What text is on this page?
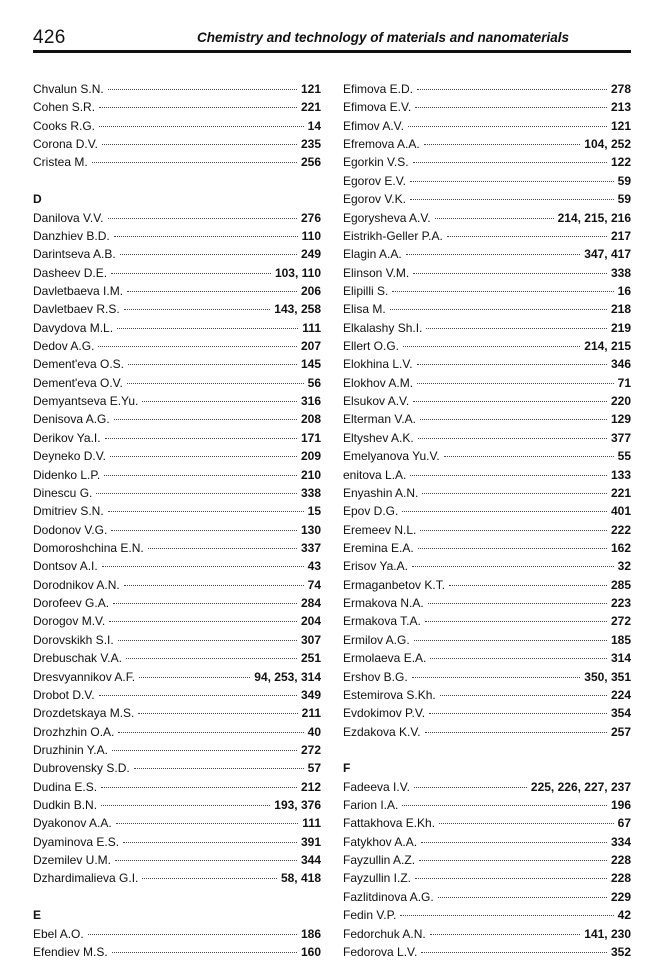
426	Chemistry and technology of materials and nanomaterials
Chvalun S.N.	121
Cohen S.R.	221
Cooks R.G.	14
Corona D.V.	235
Cristea M.	256
D
Danilova V.V.	276
Danzhiev B.D.	110
Darintseva A.B.	249
Dasheev D.E.	103, 110
Davletbaeva I.M.	206
Davletbaev R.S.	143, 258
Davydova M.L.	111
Dedov A.G.	207
Dement'eva O.S.	145
Dement'eva O.V.	56
Demyantseva E.Yu.	316
Denisova A.G.	208
Derikov Ya.I.	171
Deyneko D.V.	209
Didenko L.P.	210
Dinescu G.	338
Dmitriev S.N.	15
Dodonov V.G.	130
Domoroshchina E.N.	337
Dontsov A.I.	43
Dorodnikov A.N.	74
Dorofeev G.A.	284
Dorogov M.V.	204
Dorovskikh S.I.	307
Drebuschak V.A.	251
Dresvyannikov A.F.	94, 253, 314
Drobot D.V.	349
Drozdetskaya M.S.	211
Drozhzhin O.A.	40
Druzhinin Y.A.	272
Dubrovensky S.D.	57
Dudina E.S.	212
Dudkin B.N.	193, 376
Dyakonov A.A.	111
Dyaminova E.S.	391
Dzemilev U.M.	344
Dzhardimalieva G.I.	58, 418
E
Ebel A.O.	186
Efendiev M.S.	160
Efimova E.D.	278
Efimova E.V.	213
Efimov A.V.	121
Efremova A.A.	104, 252
Egorkin V.S.	122
Egorov E.V.	59
Egorov V.K.	59
Egorysheva A.V.	214, 215, 216
Eistrikh-Geller P.A.	217
Elagin A.A.	347, 417
Elinson V.M.	338
Elipilli S.	16
Elisa M.	218
Elkalashy Sh.I.	219
Ellert O.G.	214, 215
Elokhina L.V.	346
Elokhov A.M.	71
Elsukov A.V.	220
Elterman V.A.	129
Eltyshev A.K.	377
Emelyanova Yu.V.	55
enitova L.A.	133
Enyashin A.N.	221
Epov D.G.	401
Eremeev N.L.	222
Eremina E.A.	162
Erisov Ya.A.	32
Ermaganbetov K.T.	285
Ermakova N.A.	223
Ermakova T.A.	272
Ermilov A.G.	185
Ermolaeva E.A.	314
Ershov B.G.	350, 351
Estemirova S.Kh.	224
Evdokimov P.V.	354
Ezdakova K.V.	257
F
Fadeeva I.V.	225, 226, 227, 237
Farion I.A.	196
Fattakhova E.Kh.	67
Fatykhov A.A.	334
Fayzullin A.Z.	228
Fayzullin I.Z.	228
Fazlitdinova A.G.	229
Fedin V.P.	42
Fedorchuk A.N.	141, 230
Fedorova L.V.	352
